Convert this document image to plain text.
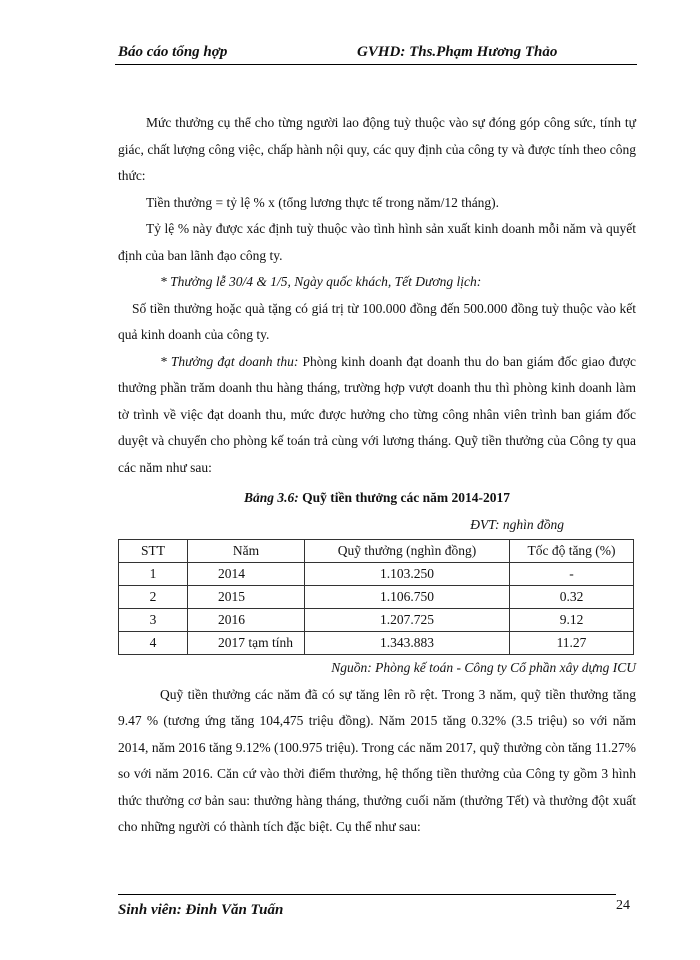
Báo cáo tổng hợp	GVHD: Ths.Phạm Hương Thảo

Mức thưởng cụ thể cho từng người lao động tuỳ thuộc vào sự đóng góp công sức, tính tự giác, chất lượng công việc, chấp hành nội quy, các quy định của công ty và được tính theo công thức:

Tiền thưởng = tỷ lệ % x (tổng lương thực tế trong năm/12 tháng).

Tỷ lệ % này được xác định tuỳ thuộc vào tình hình sản xuất kinh doanh mỗi năm và quyết định của ban lãnh đạo công ty.

* Thưởng lễ 30/4 & 1/5, Ngày quốc khách, Tết Dương lịch:

Số tiền thưởng hoặc quà tặng có giá trị từ 100.000 đồng đến 500.000 đồng tuỳ thuộc vào kết quả kinh doanh của công ty.

* Thưởng đạt doanh thu: Phòng kinh doanh đạt doanh thu do ban giám đốc giao được thưởng phần trăm doanh thu hàng tháng, trường hợp vượt doanh thu thì phòng kinh doanh làm tờ trình về việc đạt doanh thu, mức được hưởng cho từng công nhân viên trình ban giám đốc duyệt và chuyển cho phòng kế toán trả cùng với lương tháng. Quỹ tiền thưởng của Công ty qua các năm như sau:

Bảng 3.6: Quỹ tiền thưởng các năm 2014-2017
ĐVT: nghìn đồng
STT	Năm	Quỹ thưởng (nghìn đồng)	Tốc độ tăng (%)
1	2014	1.103.250	-
2	2015	1.106.750	0.32
3	2016	1.207.725	9.12
4	2017 tạm tính	1.343.883	11.27
Nguồn: Phòng kế toán - Công ty Cổ phần xây dựng ICU

Quỹ tiền thưởng các năm đã có sự tăng lên rõ rệt. Trong 3 năm, quỹ tiền thưởng tăng 9.47 % (tương ứng tăng 104,475 triệu đồng). Năm 2015 tăng 0.32% (3.5 triệu) so với năm 2014, năm 2016 tăng 9.12% (100.975 triệu). Trong các năm 2017, quỹ thưởng còn tăng 11.27% so với năm 2016. Căn cứ vào thời điểm thưởng, hệ thống tiền thưởng của Công ty gồm 3 hình thức thưởng cơ bản sau: thưởng hàng tháng, thưởng cuối năm (thưởng Tết) và thưởng đột xuất cho những người có thành tích đặc biệt. Cụ thể như sau:

Sinh viên: Đinh Văn Tuấn	24
